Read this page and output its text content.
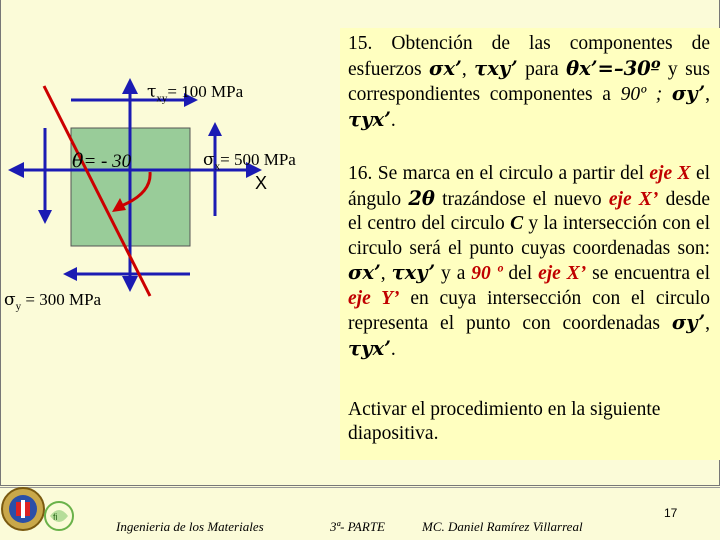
$\tau_{xy}= 100$ MPa
θ= - 30	$\sigma_x= 500$ MPa
X
$\sigma_y = 300$ MPa

15. Obtención de las componentes de esfuerzos σx’, τxy’ para θx’=–30º y sus correspondientes componentes a 90º ; σy’, τyx’.

16. Se marca en el circulo a partir del eje X el ángulo 2θ trazándose el nuevo eje X’ desde el centro del circulo C y la intersección con el circulo será el punto cuyas coordenadas son: σx’, τxy’ y a 90 º del eje X’ se encuentra el eje Y’ en cuya intersección con el circulo representa el punto con coordenadas σy’, τyx’.

Activar el procedimiento en la siguiente diapositiva.

fi
Ingenieria de los Materiales	3ª- PARTE	MC. Daniel Ramírez Villarreal
17
